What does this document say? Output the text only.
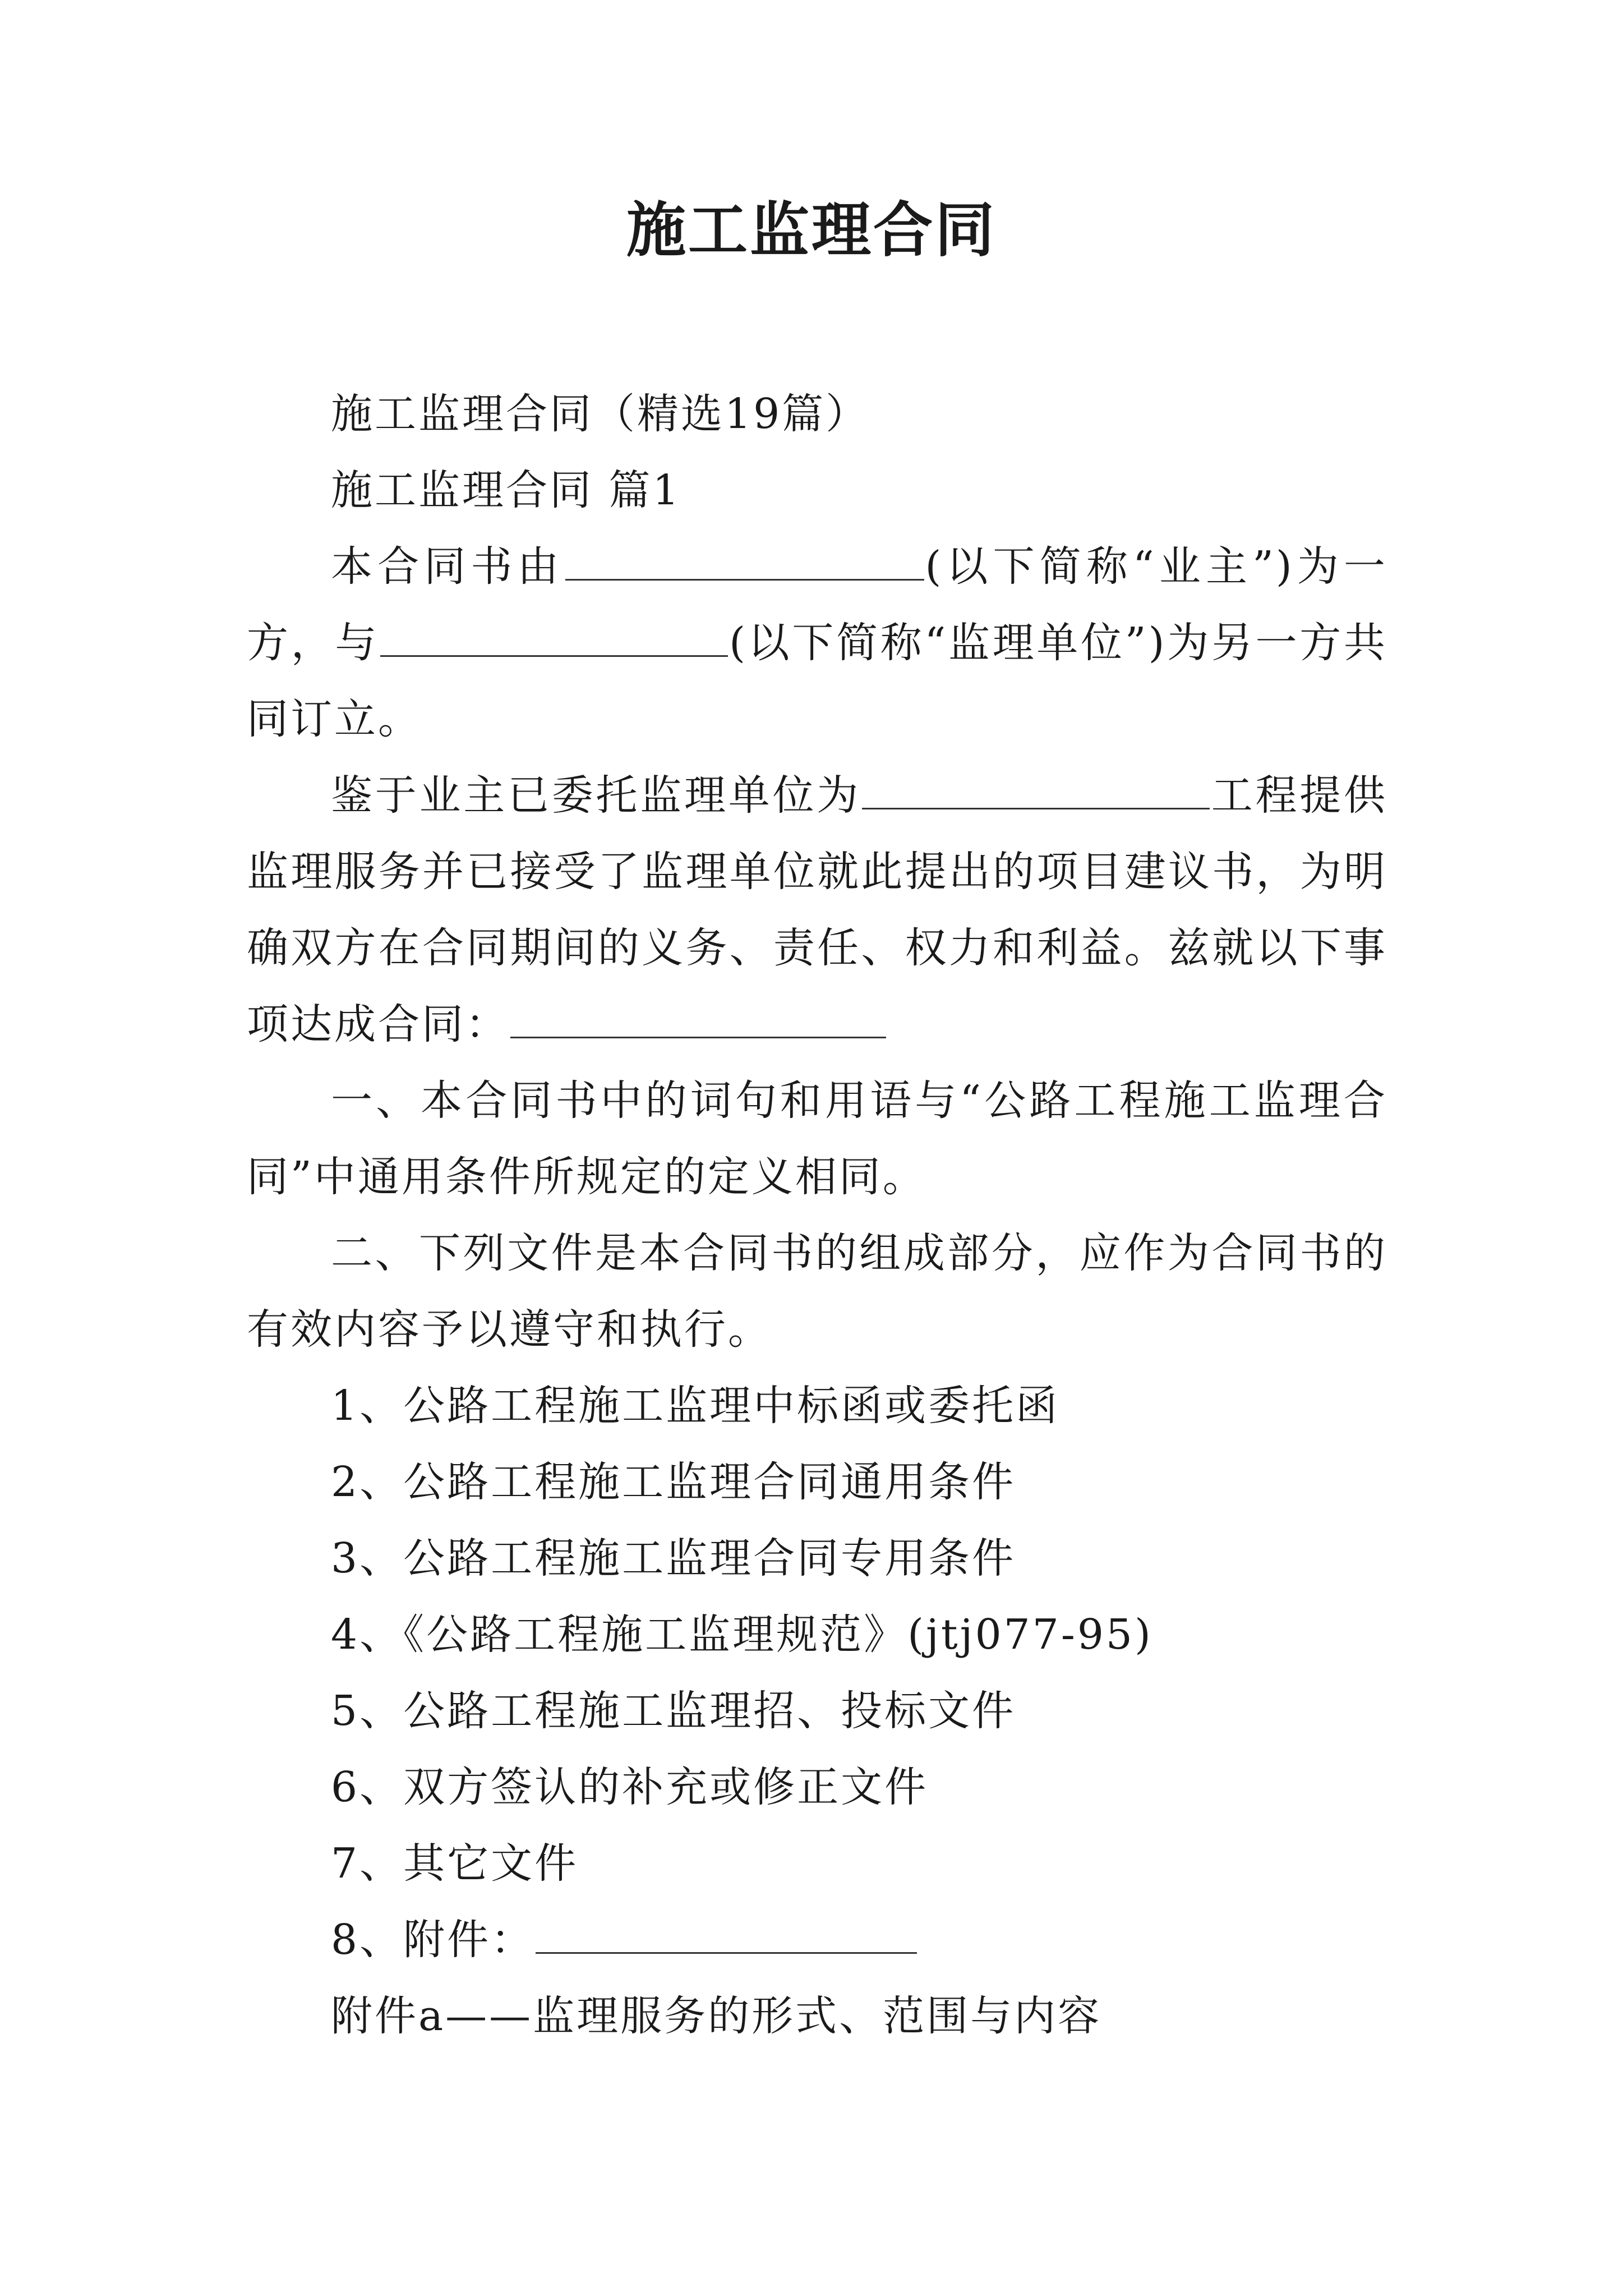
施工监理合同

施工监理合同（精选19篇）

施工监理合同 篇1

本合同书由	(以下简称“业主”)为一方，与	(以下简称“监理单位”)为另一方共同订立。

鉴于业主已委托监理单位为	工程提供监理服务并已接受了监理单位就此提出的项目建议书，为明确双方在合同期间的义务、责任、权力和利益。兹就以下事项达成合同：

一、本合同书中的词句和用语与“公路工程施工监理合同”中通用条件所规定的定义相同。

二、下列文件是本合同书的组成部分，应作为合同书的有效内容予以遵守和执行。

1、公路工程施工监理中标函或委托函

2、公路工程施工监理合同通用条件

3、公路工程施工监理合同专用条件

4、《公路工程施工监理规范》(jtj077-95)

5、公路工程施工监理招、投标文件

6、双方签认的补充或修正文件

7、其它文件

8、附件：

附件a——监理服务的形式、范围与内容
